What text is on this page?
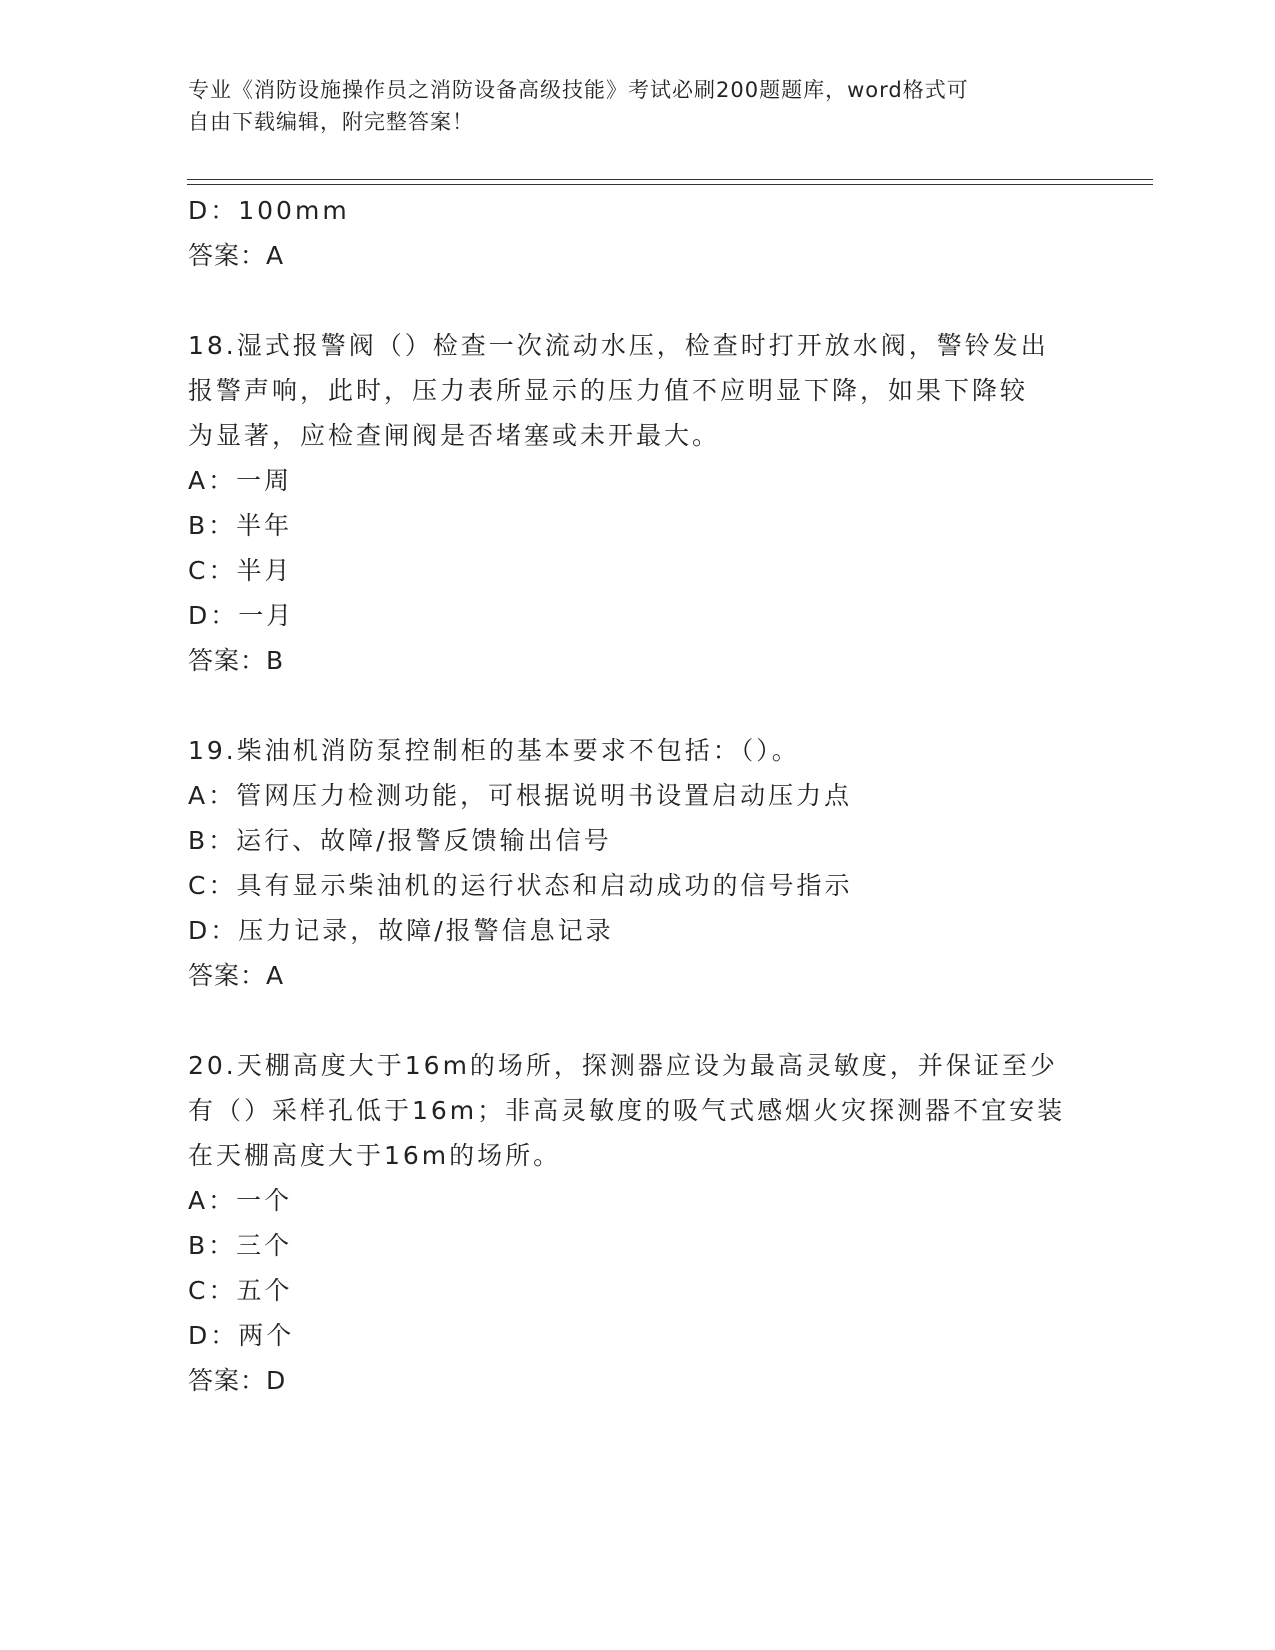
专业《消防设施操作员之消防设备高级技能》考试必刷200题题库，word格式可
自由下载编辑，附完整答案！
D：100mm
答案：A
18.湿式报警阀（）检查一次流动水压，检查时打开放水阀，警铃发出
报警声响，此时，压力表所显示的压力值不应明显下降，如果下降较
为显著，应检查闸阀是否堵塞或未开最大。
A：一周
B：半年
C：半月
D：一月
答案：B
19.柴油机消防泵控制柜的基本要求不包括：（）。
A：管网压力检测功能，可根据说明书设置启动压力点
B：运行、故障/报警反馈输出信号
C：具有显示柴油机的运行状态和启动成功的信号指示
D：压力记录，故障/报警信息记录
答案：A
20.天棚高度大于16m的场所，探测器应设为最高灵敏度，并保证至少
有（）采样孔低于16m；非高灵敏度的吸气式感烟火灾探测器不宜安装
在天棚高度大于16m的场所。
A：一个
B：三个
C：五个
D：两个
答案：D
